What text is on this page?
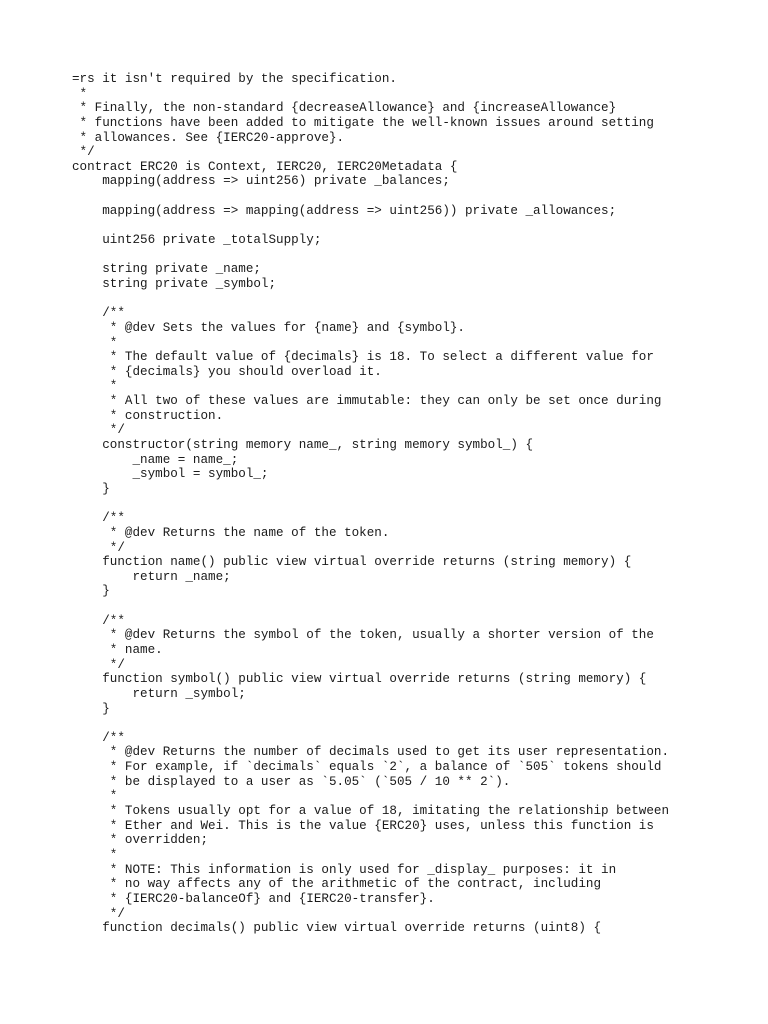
=rs it isn't required by the specification.
*
* Finally, the non-standard {decreaseAllowance} and {increaseAllowance}
* functions have been added to mitigate the well-known issues around setting
* allowances. See {IERC20-approve}.
*/
contract ERC20 is Context, IERC20, IERC20Metadata {
mapping(address => uint256) private _balances;
mapping(address => mapping(address => uint256)) private _allowances;
uint256 private _totalSupply;
string private _name;
string private _symbol;
/**
* @dev Sets the values for {name} and {symbol}.
*
* The default value of {decimals} is 18. To select a different value for
* {decimals} you should overload it.
*
* All two of these values are immutable: they can only be set once during
* construction.
*/
constructor(string memory name_, string memory symbol_) {
_name = name_;
_symbol = symbol_;
}
/**
* @dev Returns the name of the token.
*/
function name() public view virtual override returns (string memory) {
return _name;
}
/**
* @dev Returns the symbol of the token, usually a shorter version of the
* name.
*/
function symbol() public view virtual override returns (string memory) {
return _symbol;
}
/**
* @dev Returns the number of decimals used to get its user representation.
* For example, if `decimals` equals `2`, a balance of `505` tokens should
* be displayed to a user as `5.05` (`505 / 10 ** 2`).
*
* Tokens usually opt for a value of 18, imitating the relationship between
* Ether and Wei. This is the value {ERC20} uses, unless this function is
* overridden;
*
* NOTE: This information is only used for _display_ purposes: it in
* no way affects any of the arithmetic of the contract, including
* {IERC20-balanceOf} and {IERC20-transfer}.
*/
function decimals() public view virtual override returns (uint8) {
